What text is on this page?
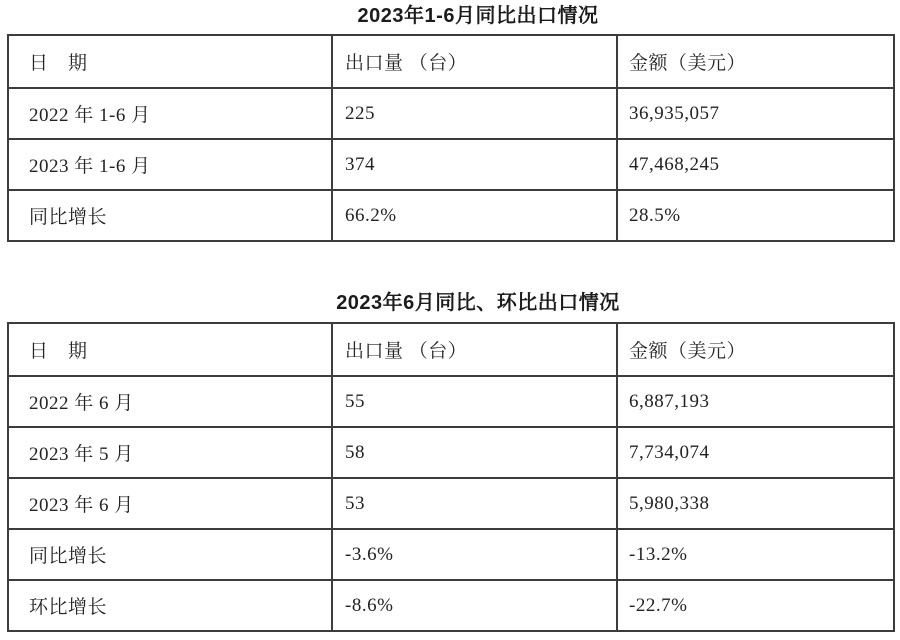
2023年1-6月同比出口情况
日　期	出口量 （台）	金额（美元）
2022 年 1-6 月	225	36,935,057
2023 年 1-6 月	374	47,468,245
同比增长	66.2%	28.5%
2023年6月同比、环比出口情况
日　期	出口量 （台）	金额（美元）
2022 年 6 月	55	6,887,193
2023 年 5 月	58	7,734,074
2023 年 6 月	53	5,980,338
同比增长	-3.6%	-13.2%
环比增长	-8.6%	-22.7%
